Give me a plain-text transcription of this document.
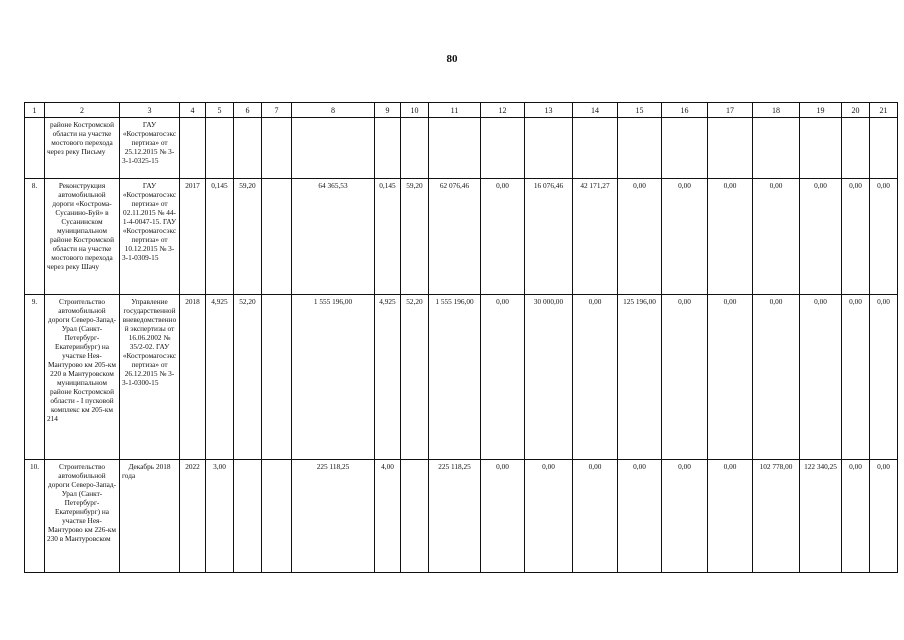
80
1	2	3	4	5	6	7	8	9	10	11	12	13	14	15	16	17	18	19	20	21
	районе Костромской области на участке мостового перехода через реку Письму	ГАУ «Костромагосэкспертиза» от 25.12.2015 № 3-3-1-0325-15																		
8.	Реконструкция автомобильной дороги «Кострома-Сусанино-Буй» в Сусанинском муниципальном районе Костромской области на участке мостового перехода через реку Шачу	ГАУ «Костромагосэкспертиза» от 02.11.2015 № 44-1-4-0047-15. ГАУ «Костромагосэкспертиза» от 10.12.2015 № 3-3-1-0309-15	2017	0,145	59,20		64 365,53	0,145	59,20	62 076,46	0,00	16 076,46	42 171,27	0,00	0,00	0,00	0,00	0,00	0,00	0,00
9.	Строительство автомобильной дороги Северо-Запад-Урал (Санкт-Петербург-Екатеринбург) на участке Нея-Мантурово км 205-км 220 в Мантуровском муниципальном районе Костромской области - I пусковой комплекс км 205-км 214	Управление государственной вневедомственной экспертизы от 16.06.2002 № 35/2-02. ГАУ «Костромагосэкспертиза» от 26.12.2015 № 3-3-1-0300-15	2018	4,925	52,20		1 555 196,00	4,925	52,20	1 555 196,00	0,00	30 000,00	0,00	125 196,00	0,00	0,00	0,00	0,00	0,00	0,00
10.	Строительство автомобильной дороги Северо-Запад-Урал (Санкт-Петербург-Екатеринбург) на участке Нея-Мантурово км 226-км 230 в Мантуровском	Декабрь 2018 года	2022	3,00			225 118,25	4,00		225 118,25	0,00	0,00	0,00	0,00	0,00	0,00	102 778,00	122 340,25	0,00	0,00
